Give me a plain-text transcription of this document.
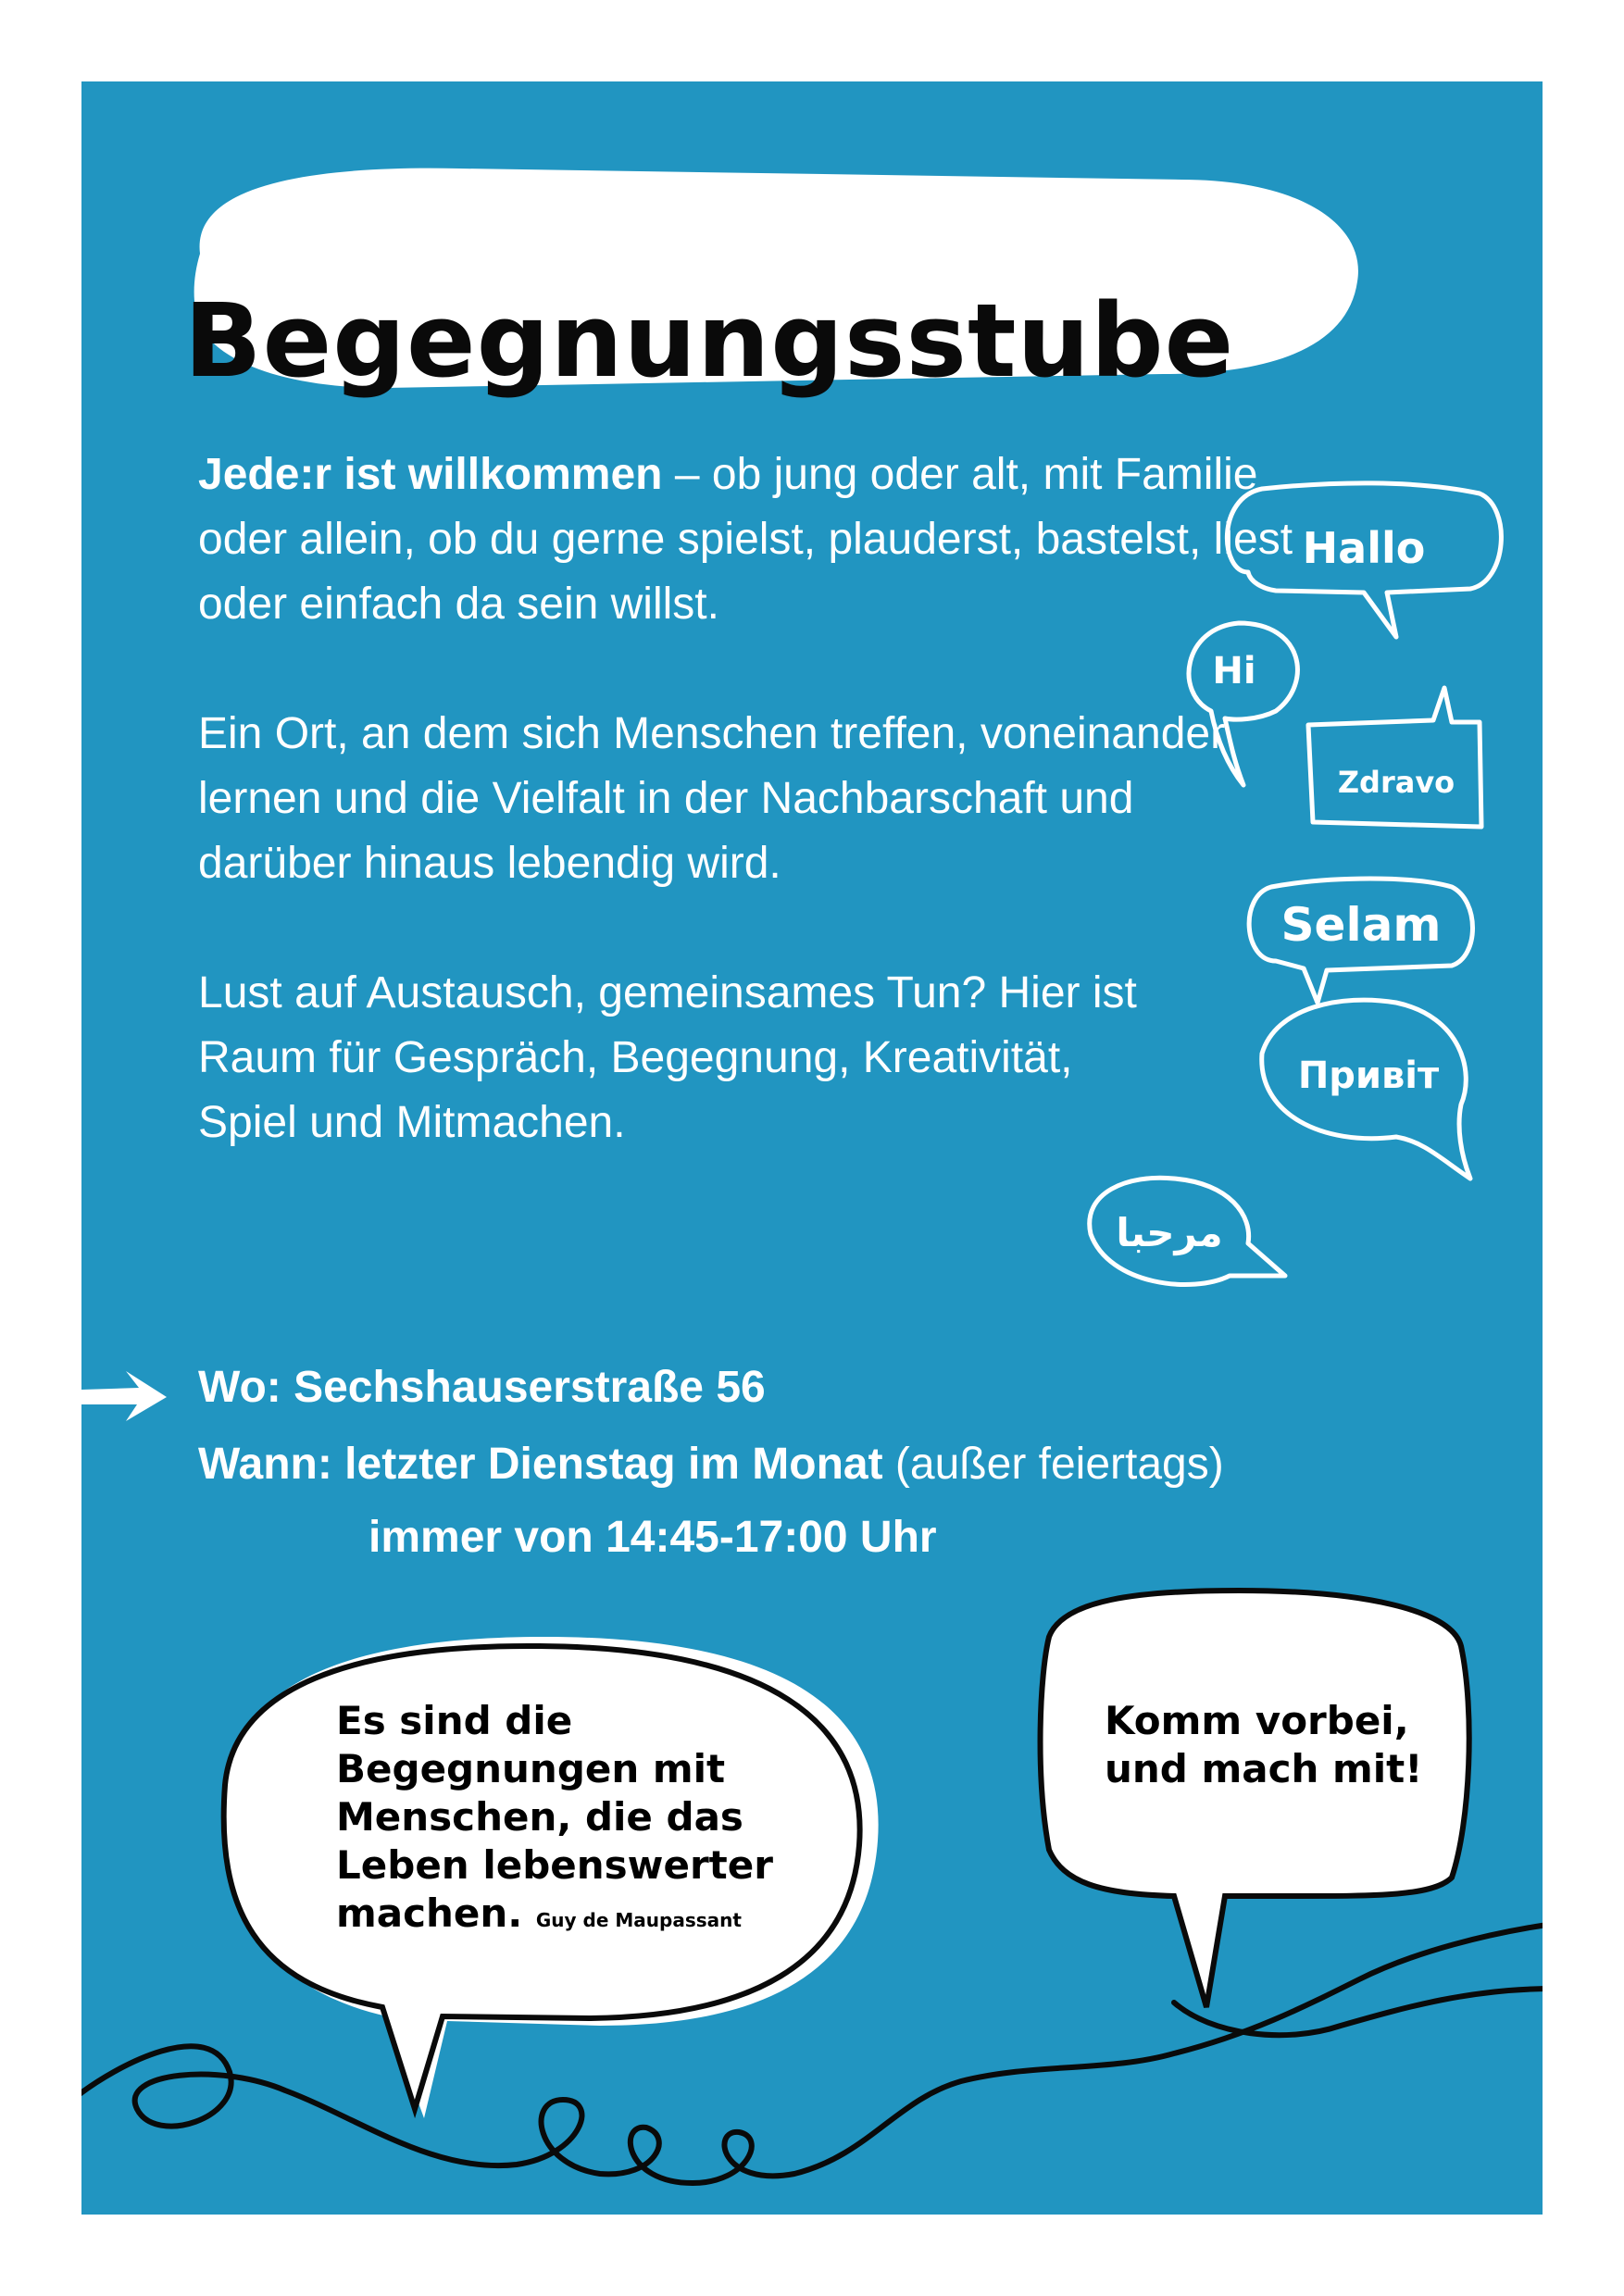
Begegnungsstube

Jede:r ist willkommen – ob jung oder alt, mit Familie oder allein, ob du gerne spielst, plauderst, bastelst, liest oder einfach da sein willst.

Ein Ort, an dem sich Menschen treffen, voneinander lernen und die Vielfalt in der Nachbarschaft und darüber hinaus lebendig wird.

Lust auf Austausch, gemeinsames Tun? Hier ist Raum für Gespräch, Begegnung, Kreativität, Spiel und Mitmachen.

Wo: Sechshauserstraße 56
Wann: letzter Dienstag im Monat (außer feiertags)
immer von 14:45-17:00 Uhr
Hallo
Hi
Zdravo
Selam
Привіт
مرحبا
Es sind die Begegnungen mit Menschen, die das Leben lebenswerter machen. Guy de Maupassant
Komm vorbei, und mach mit!
